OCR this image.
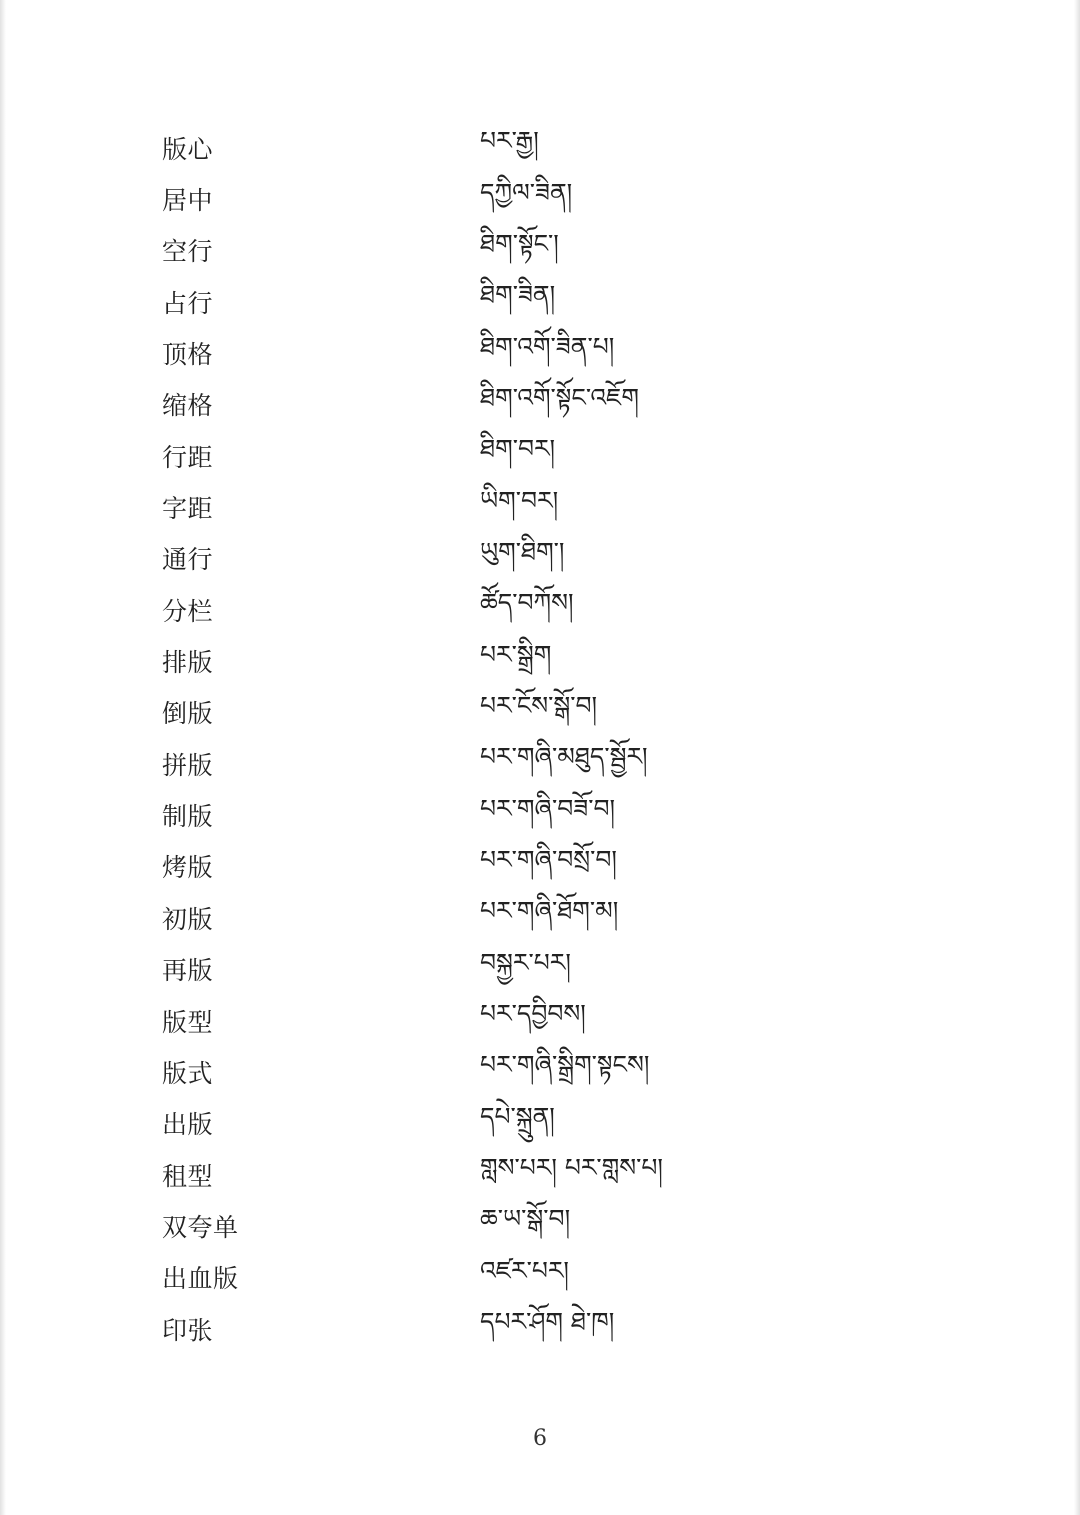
版心	པར་རྒྱ།
居中	དཀྱིལ་ཟིན།
空行	ཐིག་སྟོང་།
占行	ཐིག་ཟིན།
顶格	ཐིག་འགོ་ཟིན་པ།
缩格	ཐིག་འགོ་སྟོང་འཇོག
行距	ཐིག་བར།
字距	ཡིག་བར།
通行	ཡུག་ཐིག་།
分栏	ཚོད་བཀོས།
排版	པར་སྒྲིག
倒版	པར་ངོས་སྒོ་བ།
拼版	པར་གཞི་མཐུད་སྦྱོར།
制版	པར་གཞི་བཟོ་བ།
烤版	པར་གཞི་བསྲོ་བ།
初版	པར་གཞི་ཐོག་མ།
再版	བསྐྱར་པར།
版型	པར་དབྱིབས།
版式	པར་གཞི་སྒྲིག་སྟངས།
出版	དཔེ་སྐྲུན།
租型	གླས་པར། པར་གླས་པ།
双夸单	ཆ་ཡ་སྒོ་བ།
出血版	འཛར་པར།
印张	དཔར་ཤོག ཐེ་ཁ།
6
